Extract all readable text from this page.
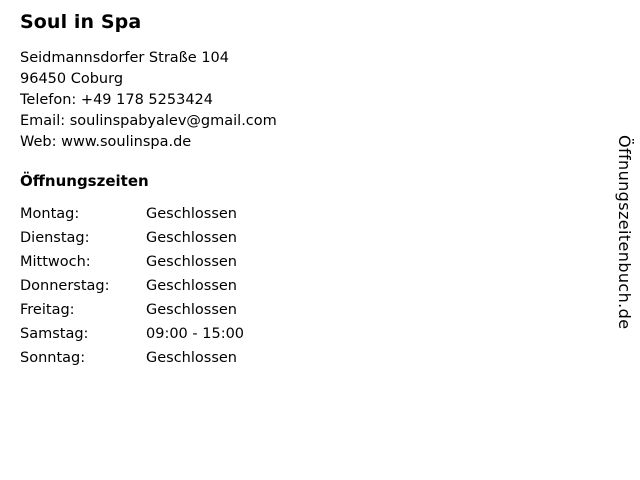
Soul in Spa
Seidmannsdorfer Straße 104
96450 Coburg
Telefon: +49 178 5253424
Email: soulinspabyalev@gmail.com
Web: www.soulinspa.de
Öffnungszeiten
Montag:	Geschlossen
Dienstag:	Geschlossen
Mittwoch:	Geschlossen
Donnerstag:	Geschlossen
Freitag:	Geschlossen
Samstag:	09:00 - 15:00
Sonntag:	Geschlossen
Öffnungszeitenbuch.de
